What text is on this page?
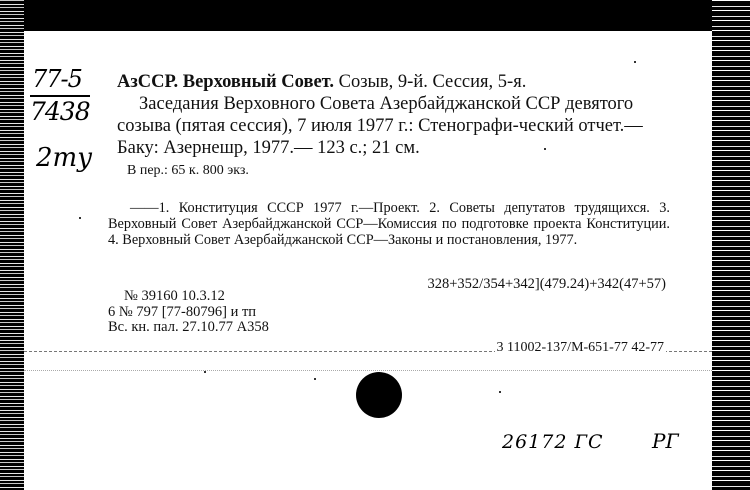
77-5
7438
2ту
АзССР. Верховный Совет. Созыв, 9-й. Сессия, 5-я.
Заседания Верховного Совета Азербайджанской ССР девятого созыва (пятая сессия), 7 июля 1977 г.: Стенографи-ческий отчет.— Баку: Азернешр, 1977.— 123 с.; 21 см.
В пер.: 65 к. 800 экз.
——1. Конституция СССР 1977 г.—Проект. 2. Советы депутатов трудящихся. 3. Верховный Совет Азербайджанской ССР—Комиссия по подготовке проекта Конституции. 4. Верховный Совет Азербайджанской ССР—Законы и постановления, 1977.
328+352/354+342](479.24)+342(47+57)
№ 39160 10.3.12
6 № 797 [77-80796] и тп
Вс. кн. пал. 27.10.77 А358
3 11002-137/М-651-77 42-77
26172 ГС РГ
